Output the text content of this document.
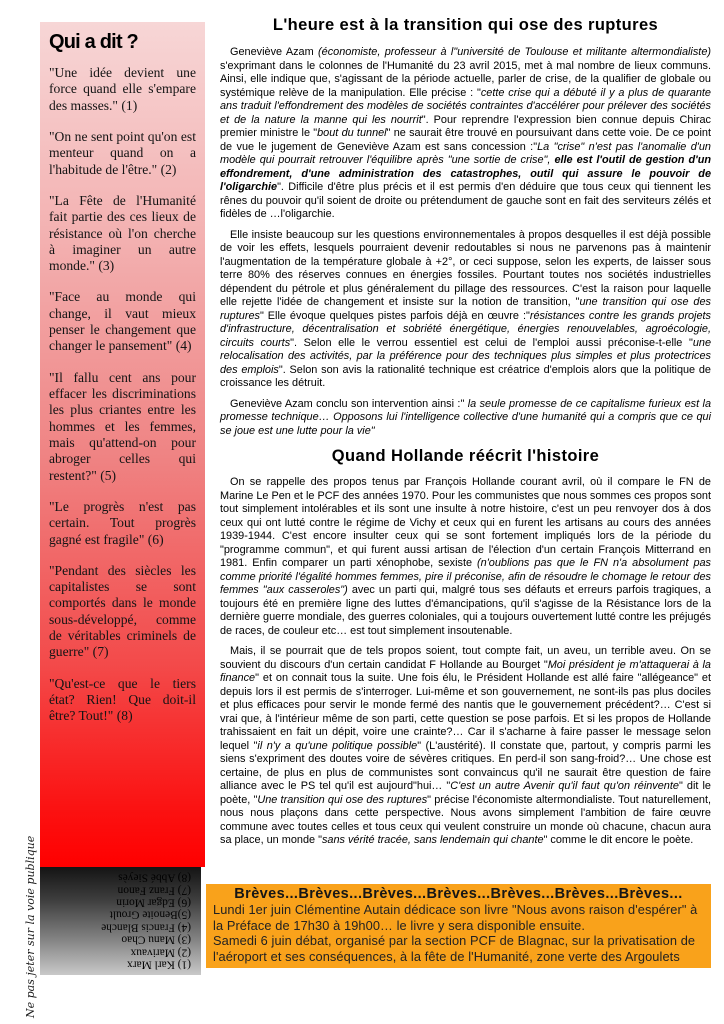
Qui a dit ?

"Une idée devient une force quand elle s'empare des masses." (1)

"On ne sent point qu'on est menteur quand on a l'habitude de l'être." (2)

"La Fête de l'Humanité fait partie des ces lieux de résistance où l'on cherche à imaginer un autre monde." (3)

"Face au monde qui change, il vaut mieux penser le changement que changer le pansement" (4)

"Il fallu cent ans pour effacer les discriminations les plus criantes entre les hommes et les femmes, mais qu'attend-on pour abroger celles qui restent?" (5)

"Le progrès n'est pas certain. Tout progrès gagné est fragile" (6)

"Pendant des siècles les capitalistes se sont comportés dans le monde sous-développé, comme de véritables criminels de guerre" (7)

"Qu'est-ce que le tiers état? Rien! Que doit-il être? Tout!" (8)

(1) Karl Marx
(2) Marivaux
(3) Manu Chao
(4) Francis Blanche
(5)Benoite Groult
(6) Edgar Morin
(7) Franz Fanon
(8) Abbé Sieyès
Ne pas jeter sur la voie publique
L'heure est à la transition qui ose des ruptures

Geneviève Azam (économiste, professeur à l"université de Toulouse et militante altermondialiste) s'exprimant dans le colonnes de l'Humanité du 23 avril 2015, met à mal nombre de lieux communs. Ainsi, elle indique que, s'agissant de la période actuelle, parler de crise, de la qualifier de globale ou systémique relève de la manipulation. Elle précise : "cette crise qui a débuté il y a plus de quarante ans traduit l'effondrement des modèles de sociétés contraintes d'accélérer pour prélever des sociétés et de la nature la manne qui les nourrit". Pour reprendre l'expression bien connue depuis Chirac premier ministre le "bout du tunnel" ne saurait être trouvé en poursuivant dans cette voie. De ce point de vue le jugement de Geneviève Azam est sans concession :"La "crise" n'est pas l'anomalie d'un modèle qui pourrait retrouver l'équilibre après "une sortie de crise", elle est l'outil de gestion d'un effondrement, d'une administration des catastrophes, outil qui assure le pouvoir de l'oligarchie". Difficile d'être plus précis et il est permis d'en déduire que tous ceux qui tiennent les rênes du pouvoir qu'il soient de droite ou prétendument de gauche sont en fait des serviteurs zélés et fidèles de …l'oligarchie.

Elle insiste beaucoup sur les questions environnementales à propos desquelles il est déjà possible de voir les effets, lesquels pourraient devenir redoutables si nous ne parvenons pas à maintenir l'augmentation de la température globale à +2°, or ceci suppose, selon les experts, de laisser sous terre 80% des réserves connues en énergies fossiles. Pourtant toutes nos sociétés industrielles dépendent du pétrole et plus généralement du pillage des ressources. C'est la raison pour laquelle elle rejette l'idée de changement et insiste sur la notion de transition, "une transition qui ose des ruptures" Elle évoque quelques pistes parfois déjà en œuvre :"résistances contre les grands projets d'infrastructure, décentralisation et sobriété énergétique, énergies renouvelables, agroécologie, circuits courts". Selon elle le verrou essentiel est celui de l'emploi aussi préconise-t-elle "une relocalisation des activités, par la préférence pour des techniques plus simples et plus protectrices des emplois". Selon son avis la rationalité technique est créatrice d'emplois alors que la politique de croissance les détruit.

Geneviève Azam conclu son intervention ainsi :" la seule promesse de ce capitalisme furieux est la promesse technique… Opposons lui l'intelligence collective d'une humanité qui a compris que ce qui se joue est une lutte pour la vie"

Quand Hollande réécrit l'histoire

On se rappelle des propos tenus par François Hollande courant avril, où il compare le FN de Marine Le Pen et le PCF des années 1970. Pour les communistes que nous sommes ces propos sont tout simplement intolérables et ils sont une insulte à notre histoire, c'est un peu renvoyer dos à dos ceux qui ont lutté contre le régime de Vichy et ceux qui en furent les artisans au cours des années 1939-1944. C'est encore insulter ceux qui se sont fortement impliqués lors de la période du "programme commun", et qui furent aussi artisan de l'élection d'un certain François Mitterrand en 1981. Enfin comparer un parti xénophobe, sexiste (n'oublions pas que le FN n'a absolument pas comme priorité l'égalité hommes femmes, pire il préconise, afin de résoudre le chomage le retour des femmes "aux casseroles") avec un parti qui, malgré tous ses défauts et erreurs parfois tragiques, a toujours été en première ligne des luttes d'émancipations, qu'il s'agisse de la Résistance lors de la dernière guerre mondiale, des guerres coloniales, qui a toujours ouvertement lutté contre les préjugés de races, de couleur etc… est tout simplement insoutenable.

Mais, il se pourrait que de tels propos soient, tout compte fait, un aveu, un terrible aveu. On se souvient du discours d'un certain candidat F Hollande au Bourget "Moi président je m'attaquerai à la finance" et on connait tous la suite. Une fois élu, le Président Hollande est allé faire "allégeance" et depuis lors il est permis de s'interroger. Lui-même et son gouvernement, ne sont-ils pas plus dociles et plus efficaces pour servir le monde fermé des nantis que le gouvernement précédent?… C'est si vrai que, à l'intérieur même de son parti, cette question se pose parfois. Et si les propos de Hollande trahissaient en fait un dépit, voire une crainte?… Car il s'acharne à faire passer le message selon lequel "il n'y a qu'une politique possible" (L'austérité). Il constate que, partout, y compris parmi les siens s'expriment des doutes voire de sévères critiques. En perd-il son sang-froid?… Une chose est certaine, de plus en plus de communistes sont convaincus qu'il ne saurait être question de faire alliance avec le PS tel qu'il est aujourd"hui… "C'est un autre Avenir qu'il faut qu'on réinvente" dit le poète, "Une transition qui ose des ruptures" précise l'économiste altermondialiste. Tout naturellement, nous nous plaçons dans cette perspective. Nous avons simplement l'ambition de faire œuvre commune avec toutes celles et tous ceux qui veulent construire un monde où chacune, chacun aura sa place, un monde "sans vérité tracée, sans lendemain qui chante" comme le dit encore le poète.

Brèves...Brèves...Brèves...Brèves...Brèves...Brèves...Brèves...

Lundi 1er juin Clémentine Autain dédicace son livre "Nous avons raison d'espérer" à la Préface de 17h30 à 19h00… le livre y sera disponible ensuite.

Samedi 6 juin débat, organisé par la section PCF de Blagnac, sur la privatisation de l'aéroport et ses conséquences, à la fête de l'Humanité, zone verte des Argoulets
